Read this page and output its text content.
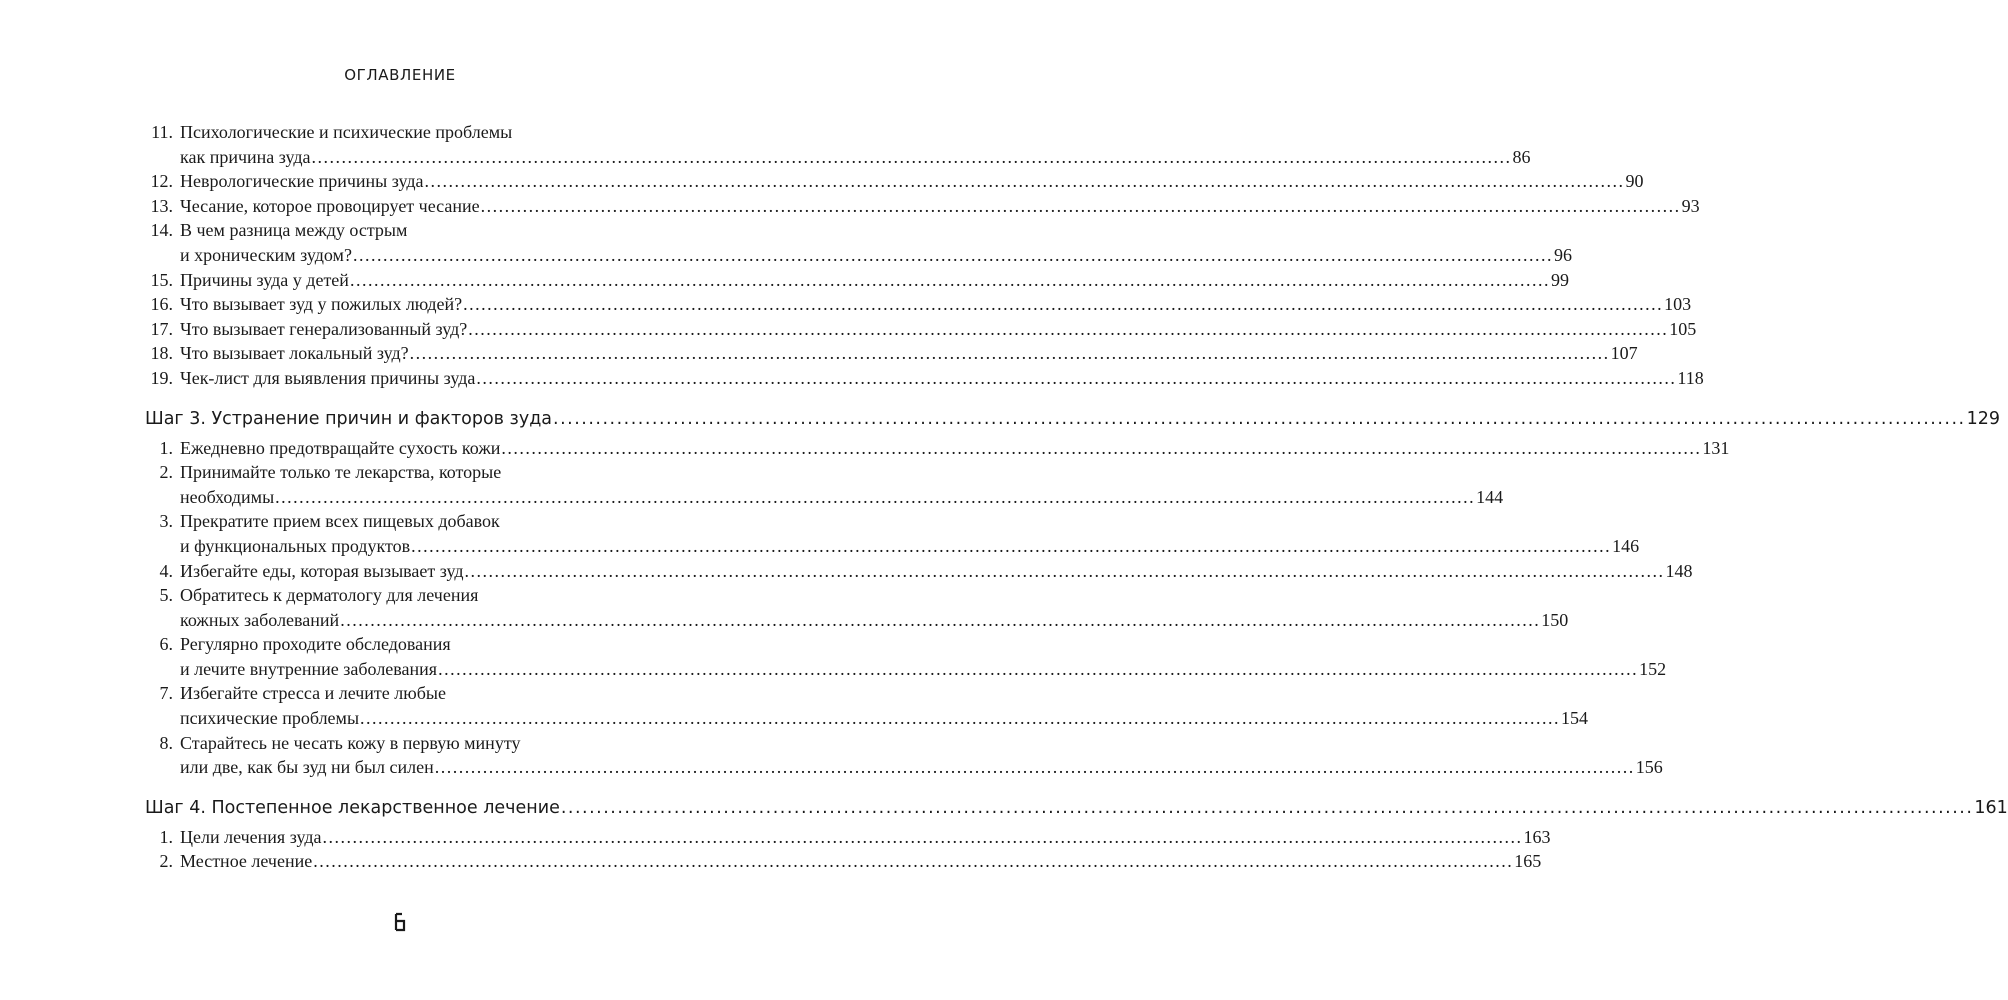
ОГЛАВЛЕНИЕ
11. Психологические и психические проблемы
как причина зуда ........................................................................................................................................................................................................ 86
12. Неврологические причины зуда ........................................................................................................................................................................................................ 90
13. Чесание, которое провоцирует чесание ........................................................................................................................................................................................................ 93
14. В чем разница между острым
и хроническим зудом? ........................................................................................................................................................................................................ 96
15. Причины зуда у детей ........................................................................................................................................................................................................ 99
16. Что вызывает зуд у пожилых людей? ........................................................................................................................................................................................................ 103
17. Что вызывает генерализованный зуд? ........................................................................................................................................................................................................ 105
18. Что вызывает локальный зуд? ........................................................................................................................................................................................................ 107
19. Чек-лист для выявления причины зуда ........................................................................................................................................................................................................ 118
Шаг 3. Устранение причин и факторов зуда ........................................................................................................................................................................................................ 129
1. Ежедневно предотвращайте сухость кожи ........................................................................................................................................................................................................ 131
2. Принимайте только те лекарства, которые
необходимы ........................................................................................................................................................................................................ 144
3. Прекратите прием всех пищевых добавок
и функциональных продуктов ........................................................................................................................................................................................................ 146
4. Избегайте еды, которая вызывает зуд ........................................................................................................................................................................................................ 148
5. Обратитесь к дерматологу для лечения
кожных заболеваний ........................................................................................................................................................................................................ 150
6. Регулярно проходите обследования
и лечите внутренние заболевания ........................................................................................................................................................................................................ 152
7. Избегайте стресса и лечите любые
психические проблемы ........................................................................................................................................................................................................ 154
8. Старайтесь не чесать кожу в первую минуту
или две, как бы зуд ни был силен ........................................................................................................................................................................................................ 156
Шаг 4. Постепенное лекарственное лечение ........................................................................................................................................................................................................ 161
1. Цели лечения зуда ........................................................................................................................................................................................................ 163
2. Местное лечение ........................................................................................................................................................................................................ 165
